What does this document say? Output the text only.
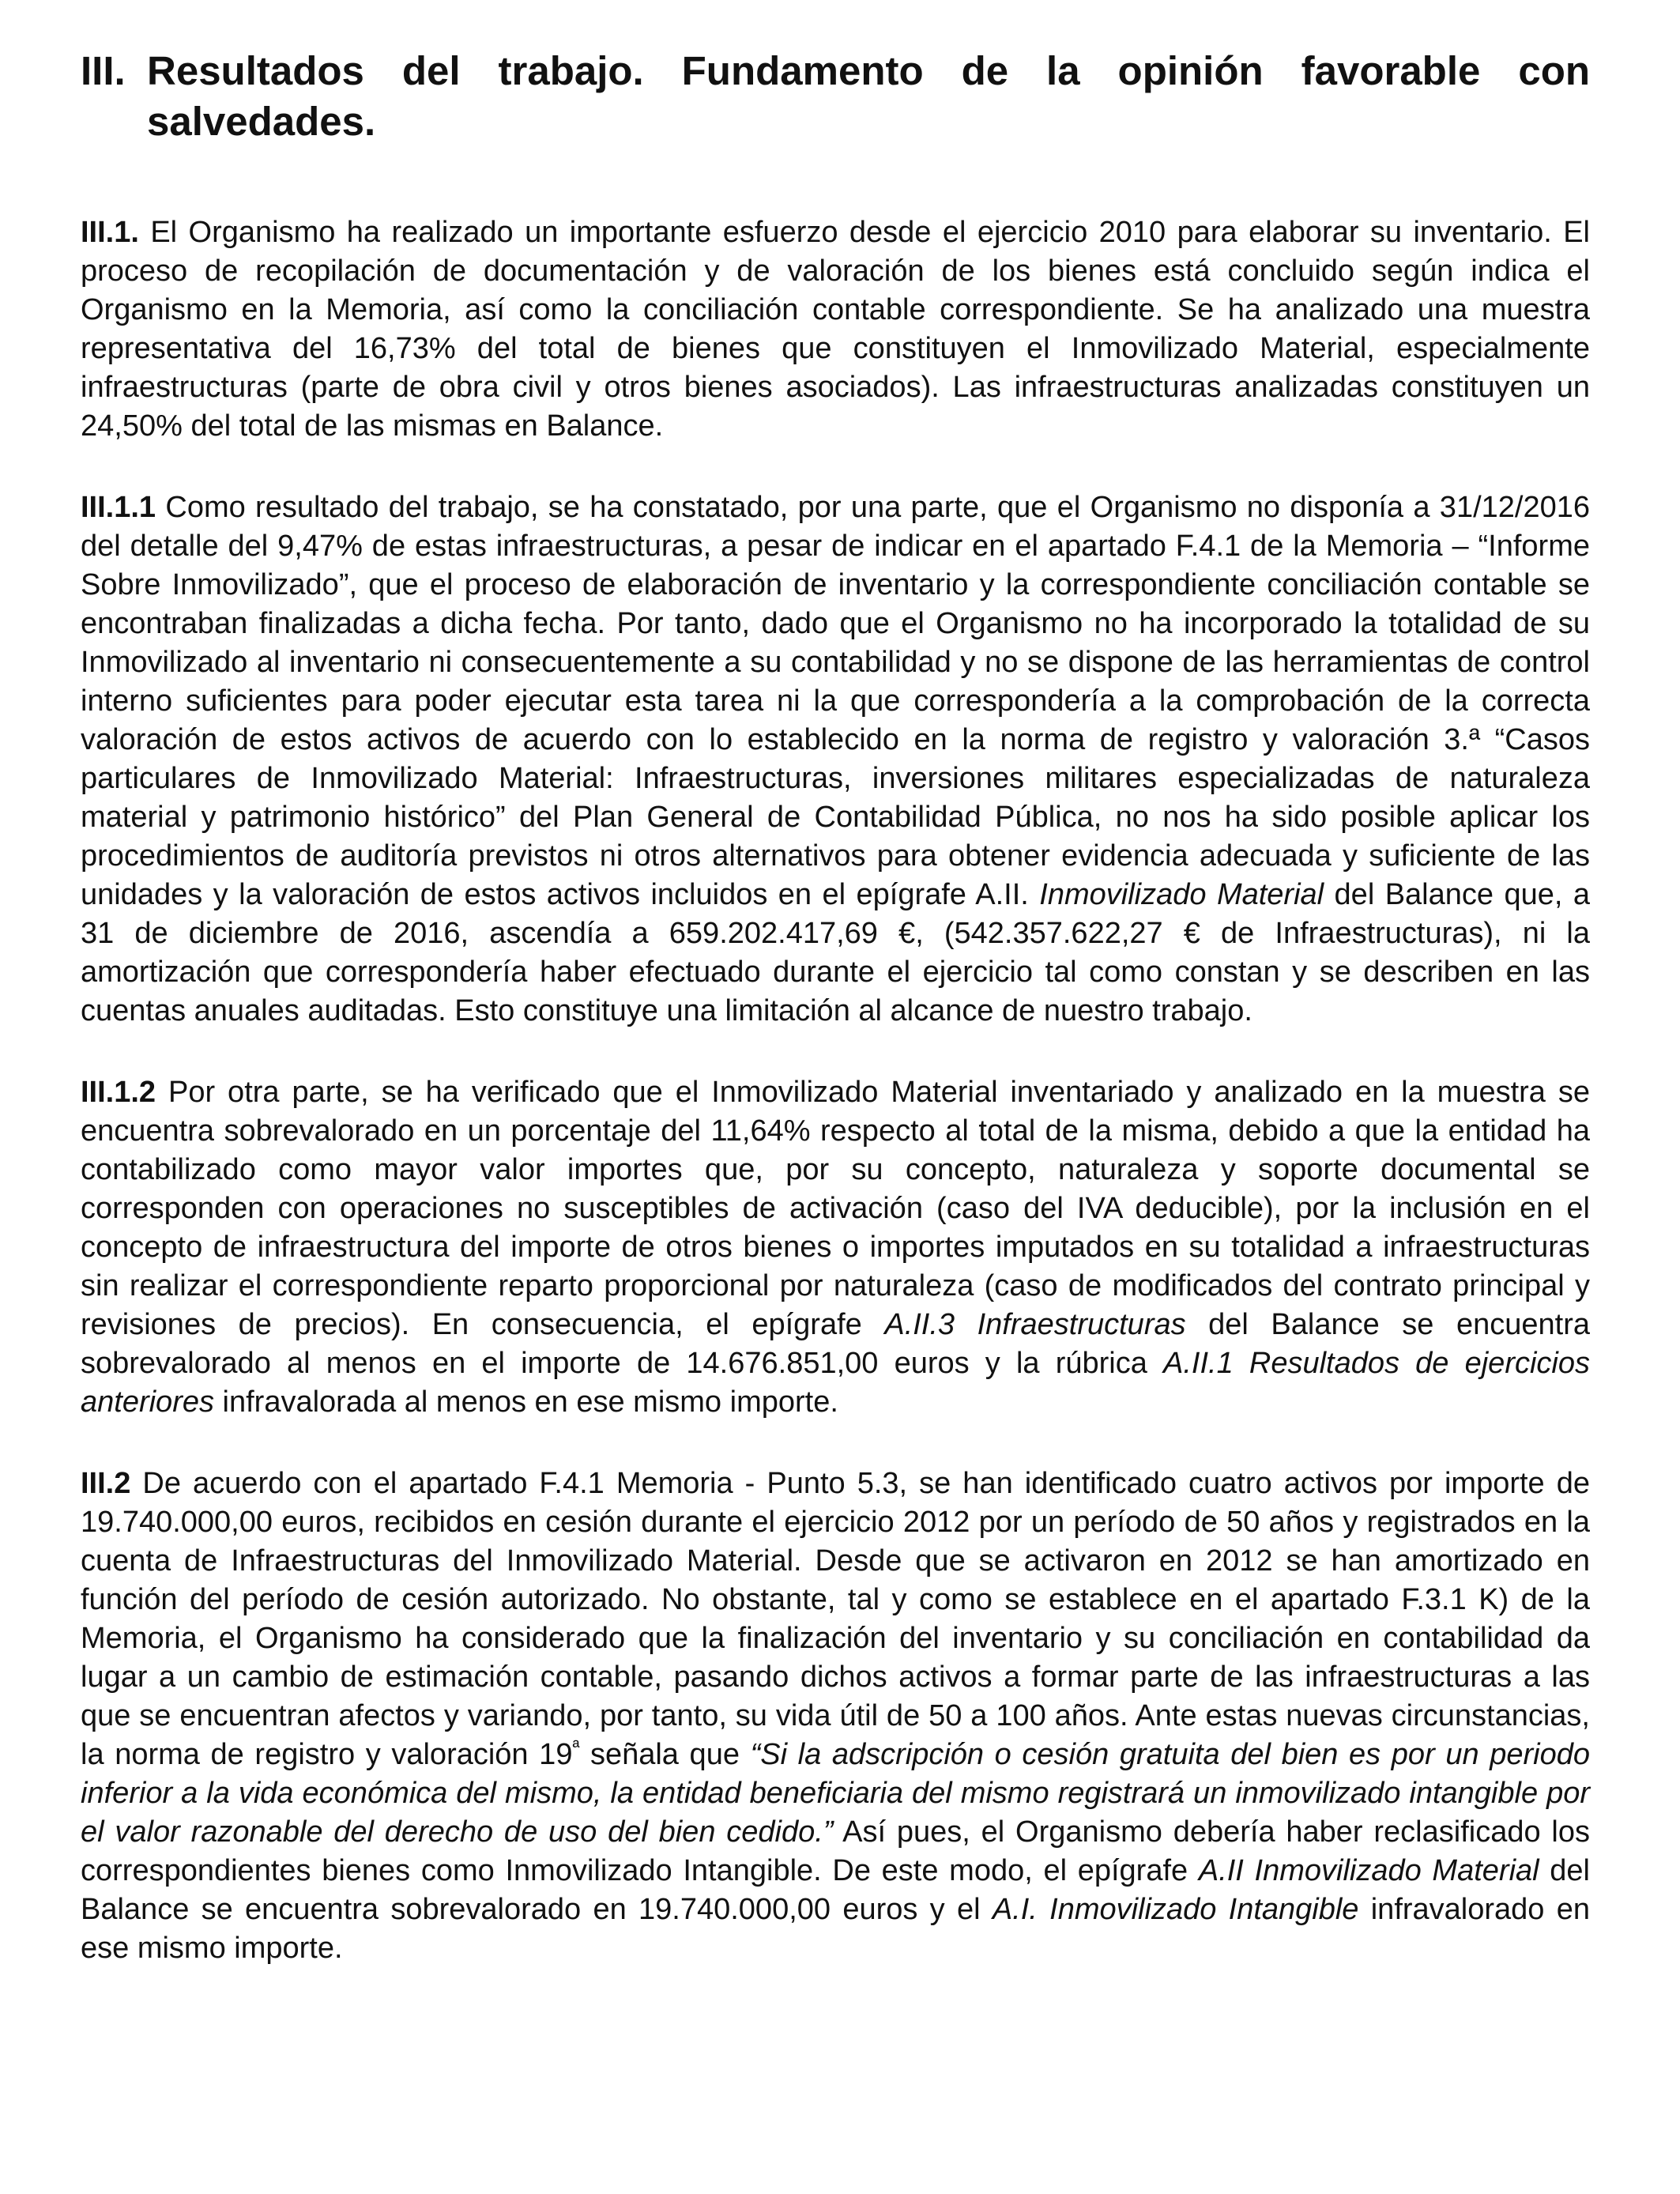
III. Resultados del trabajo. Fundamento de la opinión favorable con salvedades.

III.1. El Organismo ha realizado un importante esfuerzo desde el ejercicio 2010 para elaborar su inventario. El proceso de recopilación de documentación y de valoración de los bienes está concluido según indica el Organismo en la Memoria, así como la conciliación contable correspondiente. Se ha analizado una muestra representativa del 16,73% del total de bienes que constituyen el Inmovilizado Material, especialmente infraestructuras (parte de obra civil y otros bienes asociados). Las infraestructuras analizadas constituyen un 24,50% del total de las mismas en Balance.

III.1.1 Como resultado del trabajo, se ha constatado, por una parte, que el Organismo no disponía a 31/12/2016 del detalle del 9,47% de estas infraestructuras, a pesar de indicar en el apartado F.4.1 de la Memoria – “Informe Sobre Inmovilizado”, que el proceso de elaboración de inventario y la correspondiente conciliación contable se encontraban finalizadas a dicha fecha. Por tanto, dado que el Organismo no ha incorporado la totalidad de su Inmovilizado al inventario ni consecuentemente a su contabilidad y no se dispone de las herramientas de control interno suficientes para poder ejecutar esta tarea ni la que correspondería a la comprobación de la correcta valoración de estos activos de acuerdo con lo establecido en la norma de registro y valoración 3.ª “Casos particulares de Inmovilizado Material: Infraestructuras, inversiones militares especializadas de naturaleza material y patrimonio histórico” del Plan General de Contabilidad Pública, no nos ha sido posible aplicar los procedimientos de auditoría previstos ni otros alternativos para obtener evidencia adecuada y suficiente de las unidades y la valoración de estos activos incluidos en el epígrafe A.II. Inmovilizado Material del Balance que, a 31 de diciembre de 2016, ascendía a 659.202.417,69 €, (542.357.622,27 € de Infraestructuras), ni la amortización que correspondería haber efectuado durante el ejercicio tal como constan y se describen en las cuentas anuales auditadas. Esto constituye una limitación al alcance de nuestro trabajo.

III.1.2 Por otra parte, se ha verificado que el Inmovilizado Material inventariado y analizado en la muestra se encuentra sobrevalorado en un porcentaje del 11,64% respecto al total de la misma, debido a que la entidad ha contabilizado como mayor valor importes que, por su concepto, naturaleza y soporte documental se corresponden con operaciones no susceptibles de activación (caso del IVA deducible), por la inclusión en el concepto de infraestructura del importe de otros bienes o importes imputados en su totalidad a infraestructuras sin realizar el correspondiente reparto proporcional por naturaleza (caso de modificados del contrato principal y revisiones de precios). En consecuencia, el epígrafe A.II.3 Infraestructuras del Balance se encuentra sobrevalorado al menos en el importe de 14.676.851,00 euros y la rúbrica A.II.1 Resultados de ejercicios anteriores infravalorada al menos en ese mismo importe.

III.2 De acuerdo con el apartado F.4.1 Memoria - Punto 5.3, se han identificado cuatro activos por importe de 19.740.000,00 euros, recibidos en cesión durante el ejercicio 2012 por un período de 50 años y registrados en la cuenta de Infraestructuras del Inmovilizado Material. Desde que se activaron en 2012 se han amortizado en función del período de cesión autorizado. No obstante, tal y como se establece en el apartado F.3.1 K) de la Memoria, el Organismo ha considerado que la finalización del inventario y su conciliación en contabilidad da lugar a un cambio de estimación contable, pasando dichos activos a formar parte de las infraestructuras a las que se encuentran afectos y variando, por tanto, su vida útil de 50 a 100 años. Ante estas nuevas circunstancias, la norma de registro y valoración $19^ª$ señala que “Si la adscripción o cesión gratuita del bien es por un periodo inferior a la vida económica del mismo, la entidad beneficiaria del mismo registrará un inmovilizado intangible por el valor razonable del derecho de uso del bien cedido.” Así pues, el Organismo debería haber reclasificado los correspondientes bienes como Inmovilizado Intangible. De este modo, el epígrafe A.II Inmovilizado Material del Balance se encuentra sobrevalorado en 19.740.000,00 euros y el A.I. Inmovilizado Intangible infravalorado en ese mismo importe.
